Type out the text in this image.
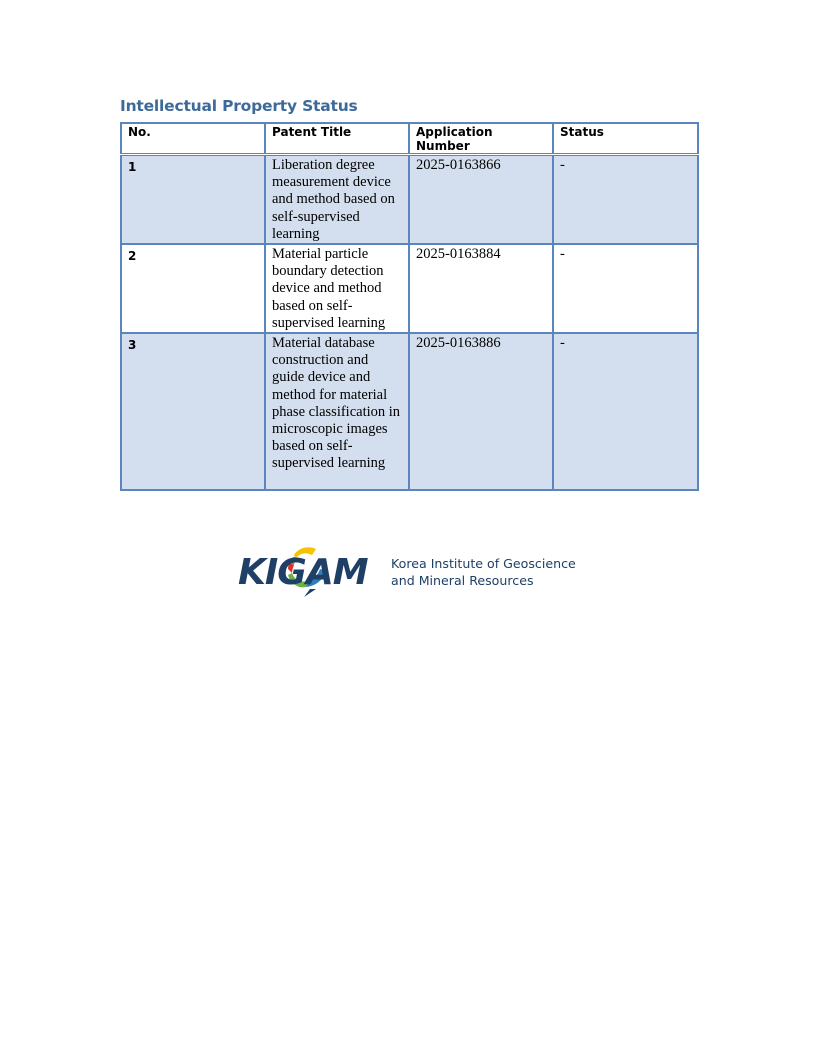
Intellectual Property Status
No.	Patent Title	Application Number	Status
1	Liberation degree measurement device and method based on self-supervised learning	2025-0163866	-
2	Material particle boundary detection device and method based on self-supervised learning	2025-0163884	-
3	Material database construction and guide device and method for material phase classification in microscopic images based on self-supervised learning	2025-0163886	-
KIGAM Korea Institute of Geoscience
and Mineral Resources
